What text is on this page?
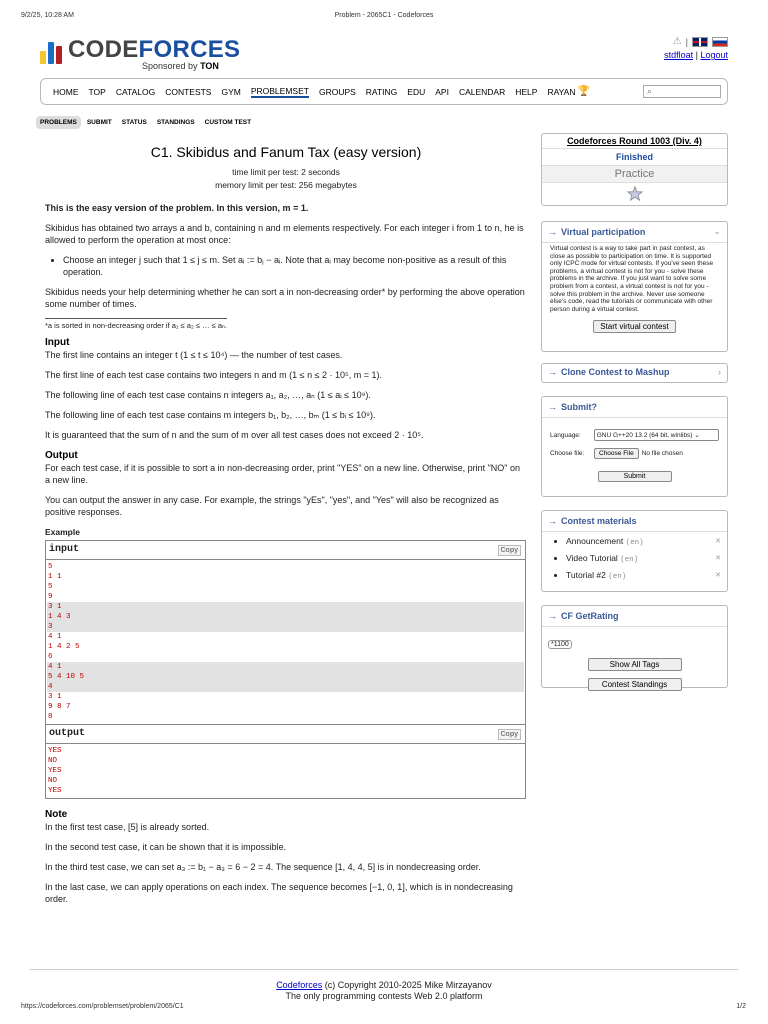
9/2/25, 10:28 AM	Problem - 2065C1 - Codeforces
CODEFORCES
Sponsored by TON
⚠ |
stdfloat | Logout
HOME TOP CATALOG CONTESTS GYM PROBLEMSET GROUPS RATING EDU API CALENDAR HELP RAYAN 🏆	⌕
PROBLEMS	SUBMIT	STATUS	STANDINGS	CUSTOM TEST
C1. Skibidus and Fanum Tax (easy version)
time limit per test: 2 seconds
memory limit per test: 256 megabytes

This is the easy version of the problem. In this version, m = 1.

Skibidus has obtained two arrays a and b, containing n and m elements respectively. For each integer i from 1 to n, he is allowed to perform the operation at most once:

• Choose an integer j such that 1 ≤ j ≤ m. Set aᵢ := bⱼ − aᵢ. Note that aᵢ may become non-positive as a result of this operation.

Skibidus needs your help determining whether he can sort a in non-decreasing order* by performing the above operation some number of times.

*a is sorted in non-decreasing order if a₁ ≤ a₂ ≤ … ≤ aₙ.
Input

The first line contains an integer t (1 ≤ t ≤ 10⁴) — the number of test cases.

The first line of each test case contains two integers n and m (1 ≤ n ≤ 2 · 10⁵, m = 1).

The following line of each test case contains n integers a₁, a₂, …, aₙ (1 ≤ aᵢ ≤ 10⁹).

The following line of each test case contains m integers b₁, b₂, …, bₘ (1 ≤ bᵢ ≤ 10⁹).

It is guaranteed that the sum of n and the sum of m over all test cases does not exceed 2 · 10⁵.

Output

For each test case, if it is possible to sort a in non-decreasing order, print "YES" on a new line. Otherwise, print "NO" on a new line.

You can output the answer in any case. For example, the strings "yEs", "yes", and "Yes" will also be recognized as positive responses.

Example
input	Copy
5
1 1
5
9
3 1
1 4 3
3
4 1
1 4 2 5
6
4 1
5 4 10 5
4
3 1
9 8 7
8
output	Copy
YES
NO
YES
NO
YES
Note

In the first test case, [5] is already sorted.

In the second test case, it can be shown that it is impossible.

In the third test case, we can set a₃ := b₁ − a₃ = 6 − 2 = 4. The sequence [1, 4, 4, 5] is in nondecreasing order.

In the last case, we can apply operations on each index. The sequence becomes [−1, 0, 1], which is in nondecreasing order.

Codeforces Round 1003 (Div. 4)
Finished
Practice
→ Virtual participation	⌄
Virtual contest is a way to take part in past contest, as close as possible to participation on time. It is supported only ICPC mode for virtual contests. If you've seen these problems, a virtual contest is not for you - solve these problems in the archive. If you just want to solve some problem from a contest, a virtual contest is not for you - solve this problem in the archive. Never use someone else's code, read the tutorials or communicate with other person during a virtual contest.
Start virtual contest
→ Clone Contest to Mashup	›
→ Submit?
Language:	GNU G++20 13.2 (64 bit, winlibs) ⌄
Choose file:	Choose File	No file chosen
Submit
→ Contest materials
• Announcement (en)	✕
• Video Tutorial (en)	✕
• Tutorial #2 (en)	✕
→ CF GetRating
*1100
Show All Tags
Contest Standings
Codeforces (c) Copyright 2010-2025 Mike Mirzayanov
The only programming contests Web 2.0 platform
https://codeforces.com/problemset/problem/2065/C1	1/2
